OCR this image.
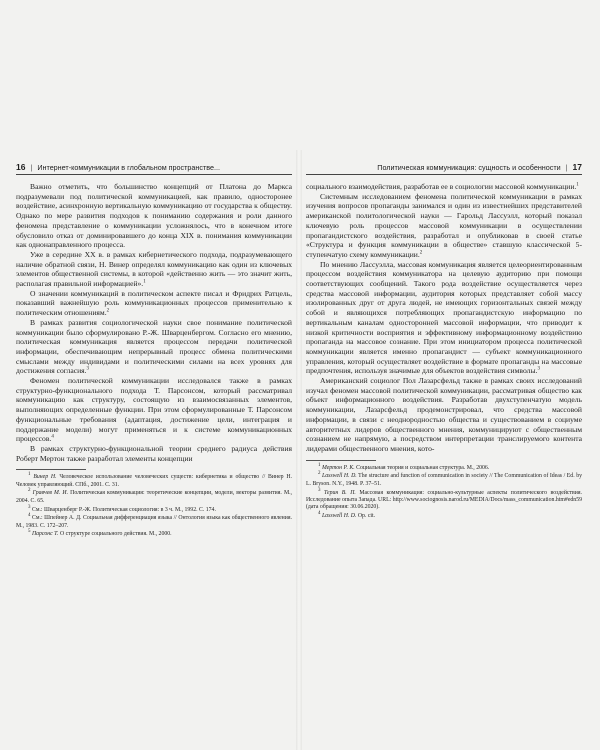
16 | Интернет-коммуникации в глобальном пространстве...

Важно отметить, что большинство концепций от Платона до Маркса подразумевали под политической коммуникацией, как правило, односторонее воздействие, асинхронную вертикальную коммуникацию от государства к обществу. Однако по мере развития подходов к пониманию содержания и роли данного феномена представление о коммуникации усложнялось, что в конечном итоге обусловило отказ от доминировавшего до конца XIX в. понимания коммуникации как однонаправленного процесса.

Уже в середине XX в. в рамках кибернетического подхода, подразумевающего наличие обратной связи, Н. Винер определял коммуникацию как один из ключевых элементов общественной системы, в которой «действенно жить — это значит жить, располагая правильной информацией».$^1$

О значении коммуникаций в политическом аспекте писал и Фридрих Ратцель, показавший важнейшую роль коммуникационных процессов применительно к политическим отношениям.$^2$

В рамках развития социологической науки свое понимание политической коммуникации было сформулировано Р.-Ж. Шварценбергом. Согласно его мнению, политическая коммуникация является процессом передачи политической информации, обеспечивающим непрерывный процесс обмена политическими смыслами между индивидами и политическими силами на всех уровнях для достижения согласия.$^3$

Феномен политической коммуникации исследовался также в рамках структурно-функционального подхода Т. Парсонсом, который рассматривал коммуникацию как структуру, состоящую из взаимосвязанных элементов, выполняющих определенные функции. При этом сформулированные Т. Парсонсом функциональные требования (адаптация, достижение цели, интеграция и поддержание модели) могут применяться и к системе коммуникационных процессов.$^4$

В рамках структурно-функциональной теории среднего радиуса действия Роберт Мертон также разработал элементы концепции

$^1$ Винер Н. Человеческое использование человеческих существ: кибернетика и общество // Винер Н. Человек управляющий. СПб., 2001. С. 31.

$^2$ Гравчев М. И. Политическая коммуникация: теоретические концепции, модели, векторы развития. М., 2004. С. 65.

$^3$ См.: Шварценберг Р.-Ж. Политическая социология: в 3 ч. М., 1992. С. 174.

$^4$ См.: Шпейнер А. Д. Социальная дифференциация языка // Онтология языка как общественного явления. М., 1983. С. 172–207.

$^5$ Парсонс Т. О структуре социального действия. М., 2000.

Политическая коммуникация: сущность и особенности | 17

социального взаимодействия, разработав ее в социологии массовой коммуникации.$^1$

Системным исследованием феномена политической коммуникации в рамках изучения вопросов пропаганды занимался и один из известнейших представителей американской политологической науки — Гарольд Лассуэлл, который показал ключевую роль процессов массовой коммуникации в осуществлении пропагандистского воздействия, разработал и опубликовав в своей статье «Структура и функция коммуникации в обществе» ставшую классической 5-ступенчатую схему коммуникации.$^2$

По мнению Лассуэлла, массовая коммуникация является целеориентированным процессом воздействия коммуникатора на целевую аудиторию при помощи соответствующих сообщений. Такого рода воздействие осуществляется через средства массовой информации, аудитория которых представляет собой массу изолированных друг от друга людей, не имеющих горизонтальных связей между собой и являющихся потребляющих пропагандистскую информацию по вертикальным каналам односторонней массовой информации, что приводит к низкой критичности восприятия и эффективному информационному воздействию пропаганда на массовое сознание. При этом инициатором процесса политической коммуникации является именно пропагандист — субъект коммуникационного управления, который осуществляет воздействие в формате пропаганды на массовые предпочтения, используя значимые для объектов воздействия символы.$^3$

Американский социолог Пол Лазарсфельд также в рамках своих исследований изучал феномен массовой политической коммуникации, рассматривая общество как объект информационного воздействия. Разработав двухступенчатую модель коммуникации, Лазарсфельд продемонстрировал, что средства массовой информации, в связи с неоднородностью общества и существованием в социуме авторитетных лидеров общественного мнения, коммуницируют с общественным сознанием не напрямую, а посредством интерпретации транслируемого контента лидерами общественного мнения, кото-

$^1$ Мертон Р. К. Социальная теория и социальная структура. М., 2006.

$^2$ Lasswell H. D. The structure and function of communication in society // The Communication of Ideas / Ed. by L. Bryson. N.Y., 1948. P. 37–51.

$^3$ Терин В. П. Массовая коммуникация: социально-культурные аспекты политического воздействия. Исследование опыта Запада. URL: http://www.sociognosis.narod.ru/MEDIA/Docs/mass_communication.htm#edn59 (дата обращения: 30.06.2020).

$^4$ Lasswell H. D. Op. cit.
